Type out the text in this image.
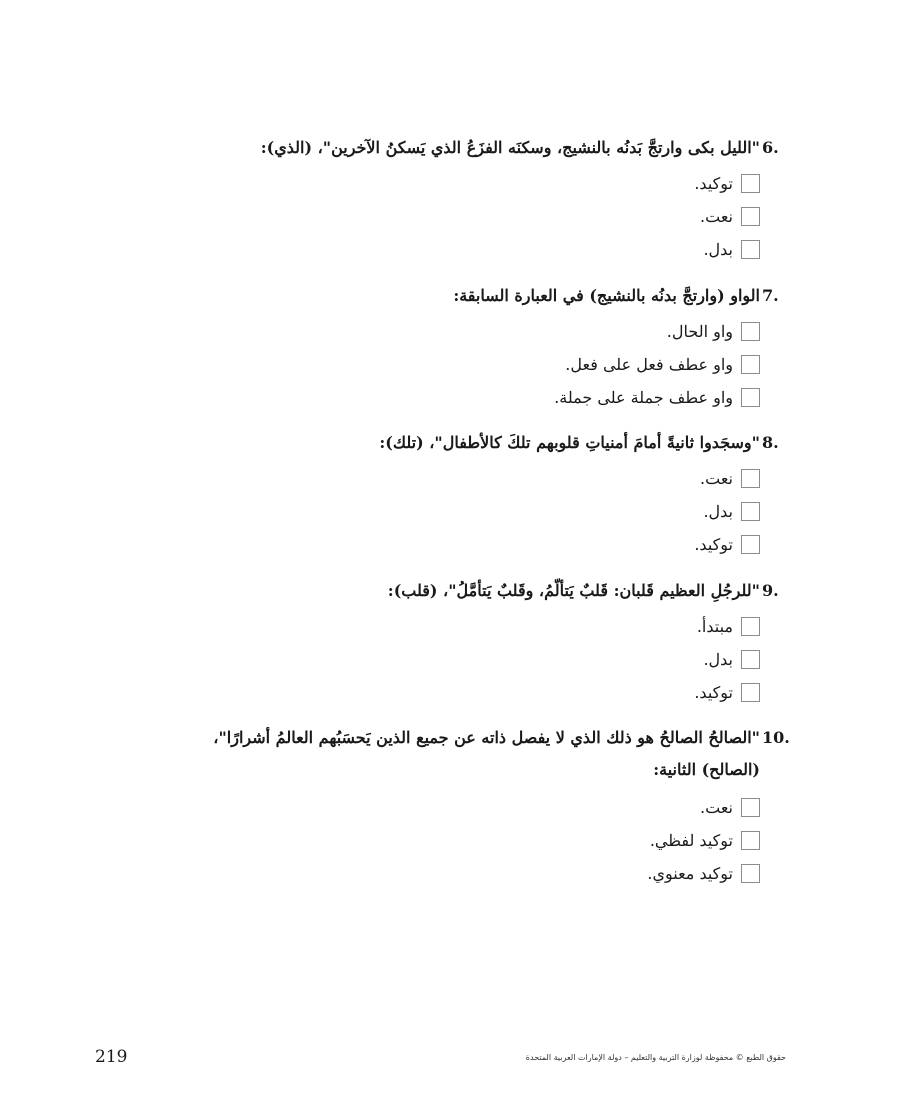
6.
"الليل بكى وارتجَّ بَدنُه بالنشيج، وسكنَه الفزَعُ الذي يَسكنُ الآخرين"، (الذي):
توكيد.
نعت.
بدل.
7.
الواو (وارتجَّ بدنُه بالنشيج) في العبارة السابقة:
واو الحال.
واو عطف فعل على فعل.
واو عطف جملة على جملة.
8.
"وسجَدوا ثانيةً أمامَ أمنياتِ قلوبهم تلكَ كالأطفال"، (تلك):
نعت.
بدل.
توكيد.
9.
"للرجُلِ العظيم قَلبان: قَلبٌ يَتألّمُ، وقَلبٌ يَتأمَّلُ"، (قلب):
مبتدأ.
بدل.
توكيد.
10.
"الصالحُ الصالحُ هو ذلك الذي لا يفصل ذاته عن جميع الذين يَحسَبُهم العالمُ أشرارًا"،
(الصالح) الثانية:
نعت.
توكيد لفظي.
توكيد معنوي.
219	حقوق الطبع © محفوظة لوزارة التربية والتعليم – دولة الإمارات العربية المتحدة
